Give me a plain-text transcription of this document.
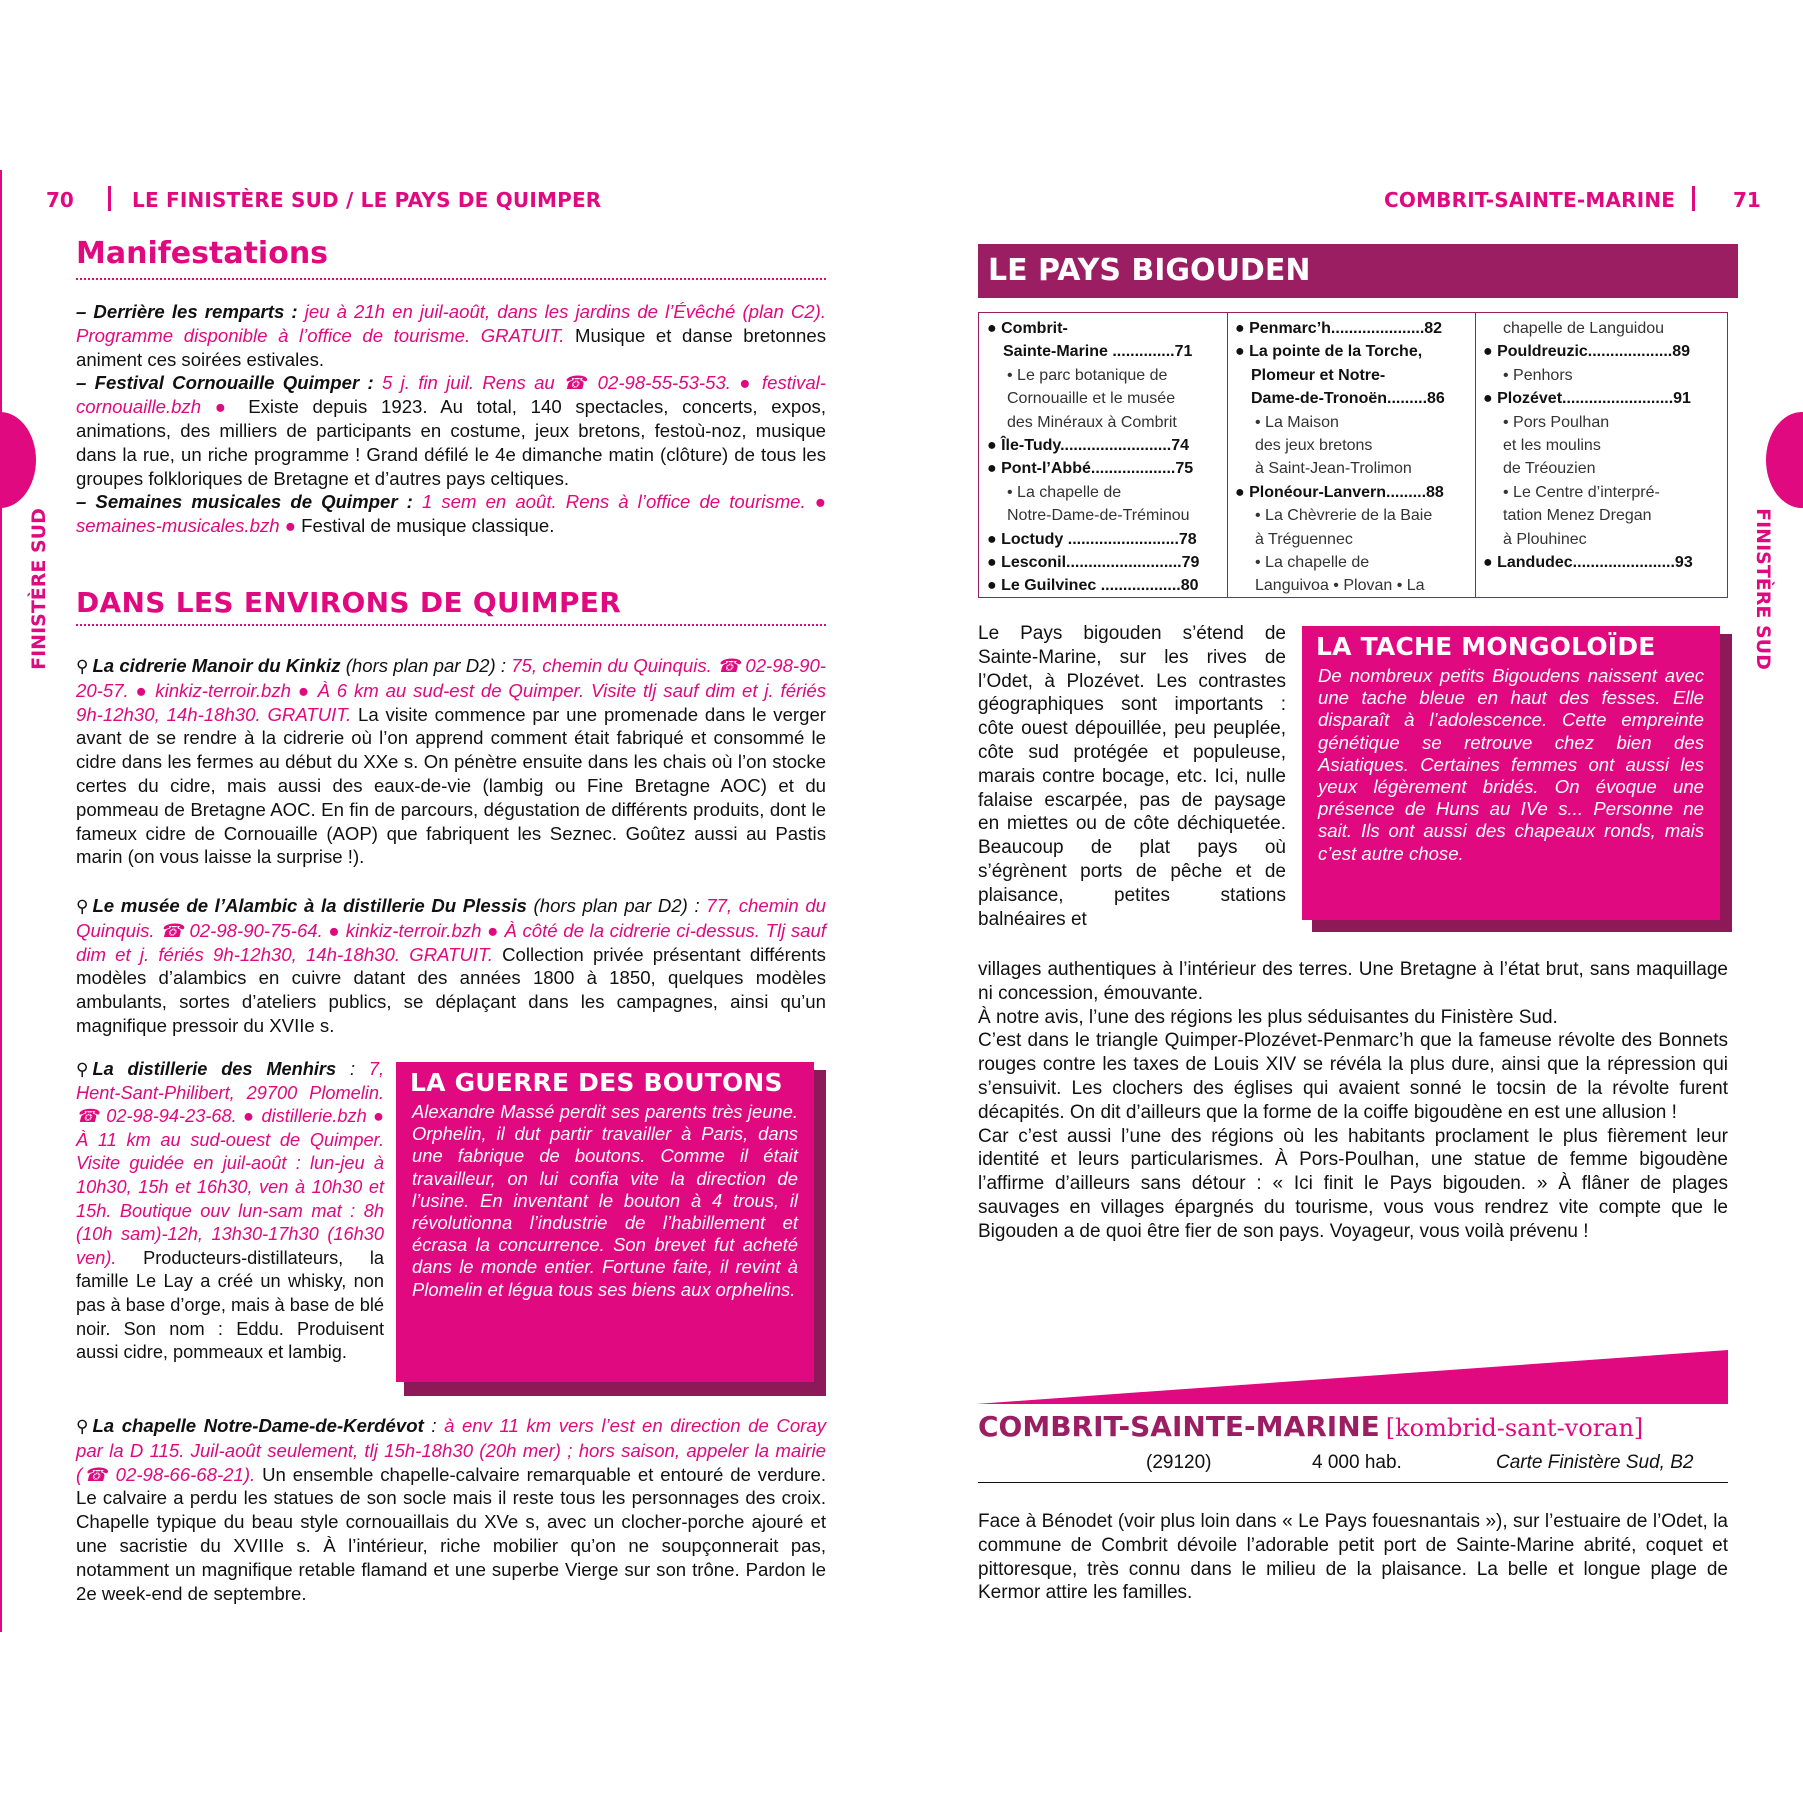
FINISTÈRE SUD
70	LE FINISTÈRE SUD / LE PAYS DE QUIMPER
Manifestations

– Derrière les remparts : jeu à 21h en juil-août, dans les jardins de l’Évêché (plan C2). Programme disponible à l’office de tourisme. GRATUIT. Musique et danse bretonnes animent ces soirées estivales.

– Festival Cornouaille Quimper : 5 j. fin juil. Rens au ☎ 02-98-55-53-53. ● festival-cornouaille.bzh ● Existe depuis 1923. Au total, 140 spectacles, concerts, expos, animations, des milliers de participants en costume, jeux bretons, festoù-noz, musique dans la rue, un riche programme ! Grand défilé le 4e dimanche matin (clôture) de tous les groupes folkloriques de Bretagne et d’autres pays celtiques.

– Semaines musicales de Quimper : 1 sem en août. Rens à l’office de tourisme. ● semaines-musicales.bzh ● Festival de musique classique.

DANS LES ENVIRONS DE QUIMPER

⚲ La cidrerie Manoir du Kinkiz (hors plan par D2) : 75, chemin du Quinquis. ☎ 02-98-90-20-57. ● kinkiz-terroir.bzh ● À 6 km au sud-est de Quimper. Visite tlj sauf dim et j. fériés 9h-12h30, 14h-18h30. GRATUIT. La visite commence par une promenade dans le verger avant de se rendre à la cidrerie où l’on apprend comment était fabriqué et consommé le cidre dans les fermes au début du XXe s. On pénètre ensuite dans les chais où l’on stocke certes du cidre, mais aussi des eaux-de-vie (lambig ou Fine Bretagne AOC) et du pommeau de Bretagne AOC. En fin de parcours, dégustation de différents produits, dont le fameux cidre de Cornouaille (AOP) que fabriquent les Seznec. Goûtez aussi au Pastis marin (on vous laisse la surprise !).

⚲ Le musée de l’Alambic à la distillerie Du Plessis (hors plan par D2) : 77, chemin du Quinquis. ☎ 02-98-90-75-64. ● kinkiz-terroir.bzh ● À côté de la cidrerie ci-dessus. Tlj sauf dim et j. fériés 9h-12h30, 14h-18h30. GRATUIT. Collection privée présentant différents modèles d’alambics en cuivre datant des années 1800 à 1850, quelques modèles ambulants, sortes d’ateliers publics, se déplaçant dans les campagnes, ainsi qu’un magnifique pressoir du XVIIe s.

⚲ La distillerie des Menhirs : 7, Hent-Sant-Philibert, 29700 Plomelin. ☎ 02-98-94-23-68. ● distillerie.bzh ● À 11 km au sud-ouest de Quimper. Visite guidée en juil-août : lun-jeu à 10h30, 15h et 16h30, ven à 10h30 et 15h. Boutique ouv lun-sam mat : 8h (10h sam)-12h, 13h30-17h30 (16h30 ven). Producteurs-distillateurs, la famille Le Lay a créé un whisky, non pas à base d’orge, mais à base de blé noir. Son nom : Eddu. Produisent aussi cidre, pommeaux et lambig.

LA GUERRE DES BOUTONS
Alexandre Massé perdit ses parents très jeune. Orphelin, il dut partir travailler à Paris, dans une fabrique de boutons. Comme il était travailleur, on lui confia vite la direction de l’usine. En inventant le bouton à 4 trous, il révolutionna l’industrie de l’habillement et écrasa la concurrence. Son brevet fut acheté dans le monde entier. Fortune faite, il revint à Plomelin et légua tous ses biens aux orphelins.

⚲ La chapelle Notre-Dame-de-Kerdévot : à env 11 km vers l’est en direction de Coray par la D 115. Juil-août seulement, tlj 15h-18h30 (20h mer) ; hors saison, appeler la mairie (☎ 02-98-66-68-21). Un ensemble chapelle-calvaire remarquable et entouré de verdure. Le calvaire a perdu les statues de son socle mais il reste tous les personnages des croix. Chapelle typique du beau style cornouaillais du XVe s, avec un clocher-porche ajouré et une sacristie du XVIIIe s. À l’intérieur, riche mobilier qu’on ne soupçonnerait pas, notamment un magnifique retable flamand et une superbe Vierge sur son trône. Pardon le 2e week-end de septembre.

FINISTÈRE SUD
COMBRIT-SAINTE-MARINE	71
LE PAYS BIGOUDEN
● Combrit-
Sainte-Marine ..............71
• Le parc botanique de
Cornouaille et le musée
des Minéraux à Combrit
● Île-Tudy.........................74
● Pont-l’Abbé...................75
• La chapelle de
Notre-Dame-de-Tréminou
● Loctudy .........................78
● Lesconil..........................79
● Le Guilvinec ..................80
● Penmarc’h.....................82
● La pointe de la Torche,
Plomeur et Notre-
Dame-de-Tronoën.........86
• La Maison
des jeux bretons
à Saint-Jean-Trolimon
● Plonéour-Lanvern.........88
• La Chèvrerie de la Baie
à Tréguennec
• La chapelle de
Languivoa • Plovan • La
chapelle de Languidou
● Pouldreuzic...................89
• Penhors
● Plozévet.........................91
• Pors Poulhan
et les moulins
de Tréouzien
• Le Centre d’interpré-
tation Menez Dregan
à Plouhinec
● Landudec.......................93

Le Pays bigouden s’étend de Sainte-Marine, sur les rives de l’Odet, à Plozévet. Les contrastes géographiques sont importants : côte ouest dépouillée, peu peuplée, côte sud protégée et populeuse, marais contre bocage, etc. Ici, nulle falaise escarpée, pas de paysage en miettes ou de côte déchiquetée. Beaucoup de plat pays où s’égrènent ports de pêche et de plaisance, petites stations balnéaires et

LA TACHE MONGOLOÏDE
De nombreux petits Bigoudens naissent avec une tache bleue en haut des fesses. Elle disparaît à l’adolescence. Cette empreinte génétique se retrouve chez bien des Asiatiques. Certaines femmes ont aussi les yeux légèrement bridés. On évoque une présence de Huns au IVe s... Personne ne sait. Ils ont aussi des chapeaux ronds, mais c’est autre chose.

villages authentiques à l’intérieur des terres. Une Bretagne à l’état brut, sans maquillage ni concession, émouvante.

À notre avis, l’une des régions les plus séduisantes du Finistère Sud.

C’est dans le triangle Quimper-Plozévet-Penmarc’h que la fameuse révolte des Bonnets rouges contre les taxes de Louis XIV se révéla la plus dure, ainsi que la répression qui s’ensuivit. Les clochers des églises qui avaient sonné le tocsin de la révolte furent décapités. On dit d’ailleurs que la forme de la coiffe bigoudène en est une allusion !

Car c’est aussi l’une des régions où les habitants proclament le plus fièrement leur identité et leurs particularismes. À Pors-Poulhan, une statue de femme bigoudène l’affirme d’ailleurs sans détour : « Ici finit le Pays bigouden. » À flâner de plages sauvages en villages épargnés du tourisme, vous vous rendrez vite compte que le Bigouden a de quoi être fier de son pays. Voyageur, vous voilà prévenu !

COMBRIT-SAINTE-MARINE [kombrid-sant-voran]
(29120)	4 000 hab.	Carte Finistère Sud, B2

Face à Bénodet (voir plus loin dans « Le Pays fouesnantais »), sur l’estuaire de l’Odet, la commune de Combrit dévoile l’adorable petit port de Sainte-Marine abrité, coquet et pittoresque, très connu dans le milieu de la plaisance. La belle et longue plage de Kermor attire les familles.
